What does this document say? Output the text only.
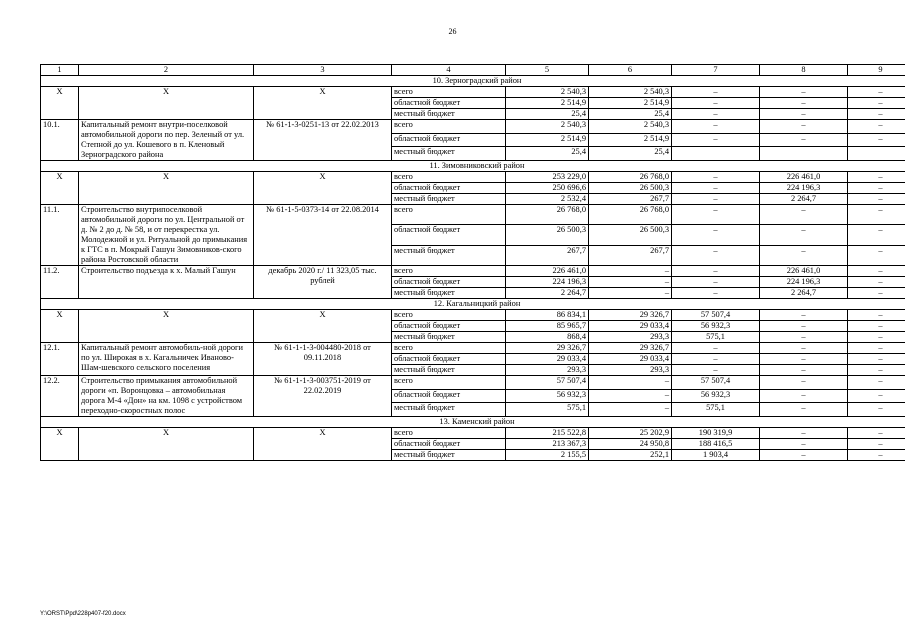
26
1	2	3	4	5	6	7	8	9
10. Зерноградский район								
X	X	X	всего	2 540,3	2 540,3	–	–	–
			областной бюджет	2 514,9	2 514,9	–	–	–
			местный бюджет	25,4	25,4	–	–	–
10.1.	Капитальный ремонт внутри-поселковой автомобильной дороги по пер. Зеленый от ул. Степной до ул. Кошевого в п. Кленовый Зерноградского района	№ 61-1-3-0251-13 от 22.02.2013	всего	2 540,3	2 540,3	–	–	–
			областной бюджет	2 514,9	2 514,9	–	–	–
			местный бюджет	25,4	25,4			
11. Зимовниковский район								
X	X	X	всего	253 229,0	26 768,0	–	226 461,0	–
			областной бюджет	250 696,6	26 500,3	–	224 196,3	–
			местный бюджет	2 532,4	267,7	–	2 264,7	–
11.1.	Строительство внутрипоселковой автомобильной дороги по ул. Центральной от д. № 2 до д. № 58, и от перекрестка ул. Молодежной и ул. Ритуальной до примыкания к ГТС в п. Мокрый Гашун Зимовников-ского района Ростовской области	№ 61-1-5-0373-14 от 22.08.2014	всего	26 768,0	26 768,0	–	–	–
			областной бюджет	26 500,3	26 500,3	–	–	–
			местный бюджет	267,7	267,7	–	–	–
11.2.	Строительство подъезда к х. Малый Гашун	декабрь 2020 г./ 11 323,05 тыс. рублей	всего	226 461,0	–	–	226 461,0	–
			областной бюджет	224 196,3	–	–	224 196,3	–
			местный бюджет	2 264,7	–	–	2 264,7	–
12. Кагальницкий район								
X	X	X	всего	86 834,1	29 326,7	57 507,4	–	–
			областной бюджет	85 965,7	29 033,4	56 932,3	–	–
			местный бюджет	868,4	293,3	575,1	–	–
12.1.	Капитальный ремонт автомобиль-ной дороги по ул. Широкая в х. Кагальничек Иваново-Шам-шевского сельского поселения	№ 61-1-1-3-004480-2018 от 09.11.2018	всего	29 326,7	29 326,7	–	–	–
			областной бюджет	29 033,4	29 033,4	–	–	–
			местный бюджет	293,3	293,3	–	–	–
12.2.	Строительство примыкания автомобильной дороги «п. Воронцовка – автомобильная дорога М-4 «Дон» на км. 1098 с устройством переходно-скоростных полос	№ 61-1-1-3-003751-2019 от 22.02.2019	всего	57 507,4	–	57 507,4	–	–
			областной бюджет	56 932,3	–	56 932,3	–	–
			местный бюджет	575,1	–	575,1	–	–
13. Каменский район								
X	X	X	всего	215 522,8	25 202,9	190 319,9	–	–
			областной бюджет	213 367,3	24 950,8	188 416,5	–	–
			местный бюджет	2 155,5	252,1	1 903,4	–	–
Y:\ORST\Ppd\228p407-f20.docx
